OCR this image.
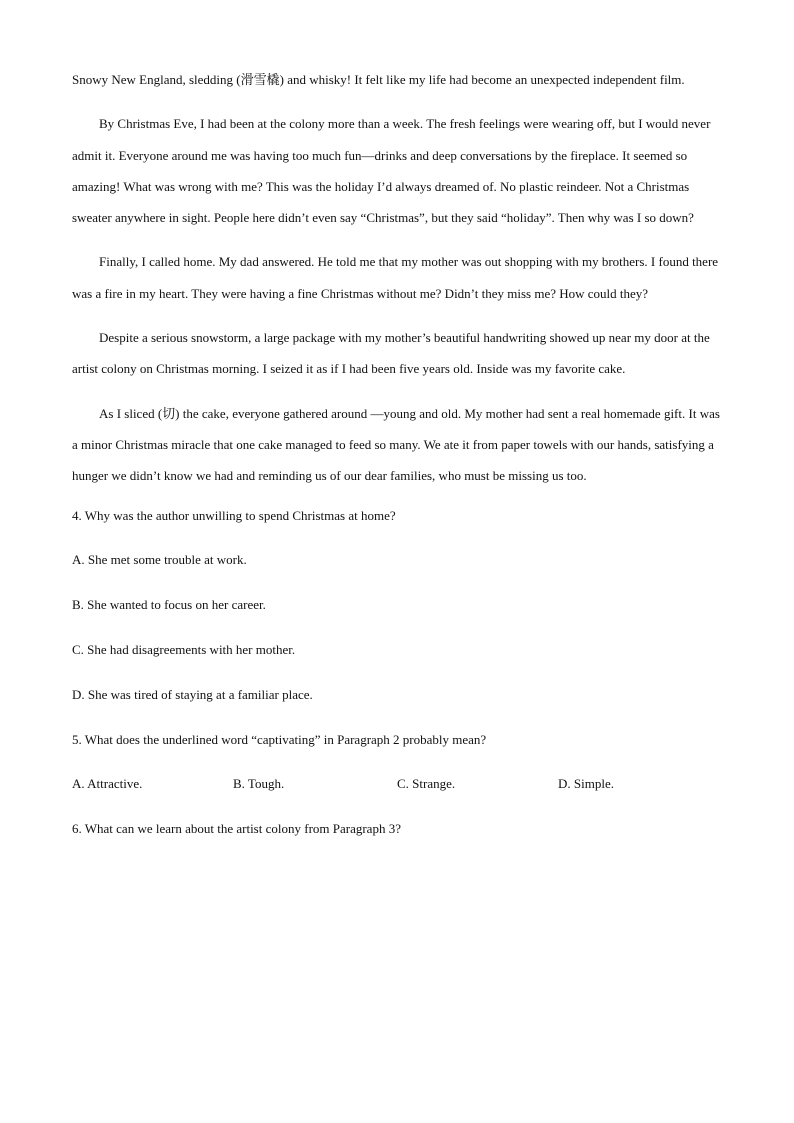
Snowy New England, sledding (滑雪橇) and whisky! It felt like my life had become an unexpected independent film.

By Christmas Eve, I had been at the colony more than a week. The fresh feelings were wearing off, but I would never admit it. Everyone around me was having too much fun—drinks and deep conversations by the fireplace. It seemed so amazing! What was wrong with me? This was the holiday I’d always dreamed of. No plastic reindeer. Not a Christmas sweater anywhere in sight. People here didn’t even say “Christmas”, but they said “holiday”. Then why was I so down?

Finally, I called home. My dad answered. He told me that my mother was out shopping with my brothers. I found there was a fire in my heart. They were having a fine Christmas without me? Didn’t they miss me? How could they?

Despite a serious snowstorm, a large package with my mother’s beautiful handwriting showed up near my door at the artist colony on Christmas morning. I seized it as if I had been five years old. Inside was my favorite cake.

As I sliced (切) the cake, everyone gathered around —young and old. My mother had sent a real homemade gift. It was a minor Christmas miracle that one cake managed to feed so many. We ate it from paper towels with our hands, satisfying a hunger we didn’t know we had and reminding us of our dear families, who must be missing us too.

4. Why was the author unwilling to spend Christmas at home?

A. She met some trouble at work.

B. She wanted to focus on her career.

C. She had disagreements with her mother.

D. She was tired of staying at a familiar place.

5. What does the underlined word “captivating” in Paragraph 2 probably mean?

A. Attractive.	B. Tough.	C. Strange.	D. Simple.

6. What can we learn about the artist colony from Paragraph 3?
